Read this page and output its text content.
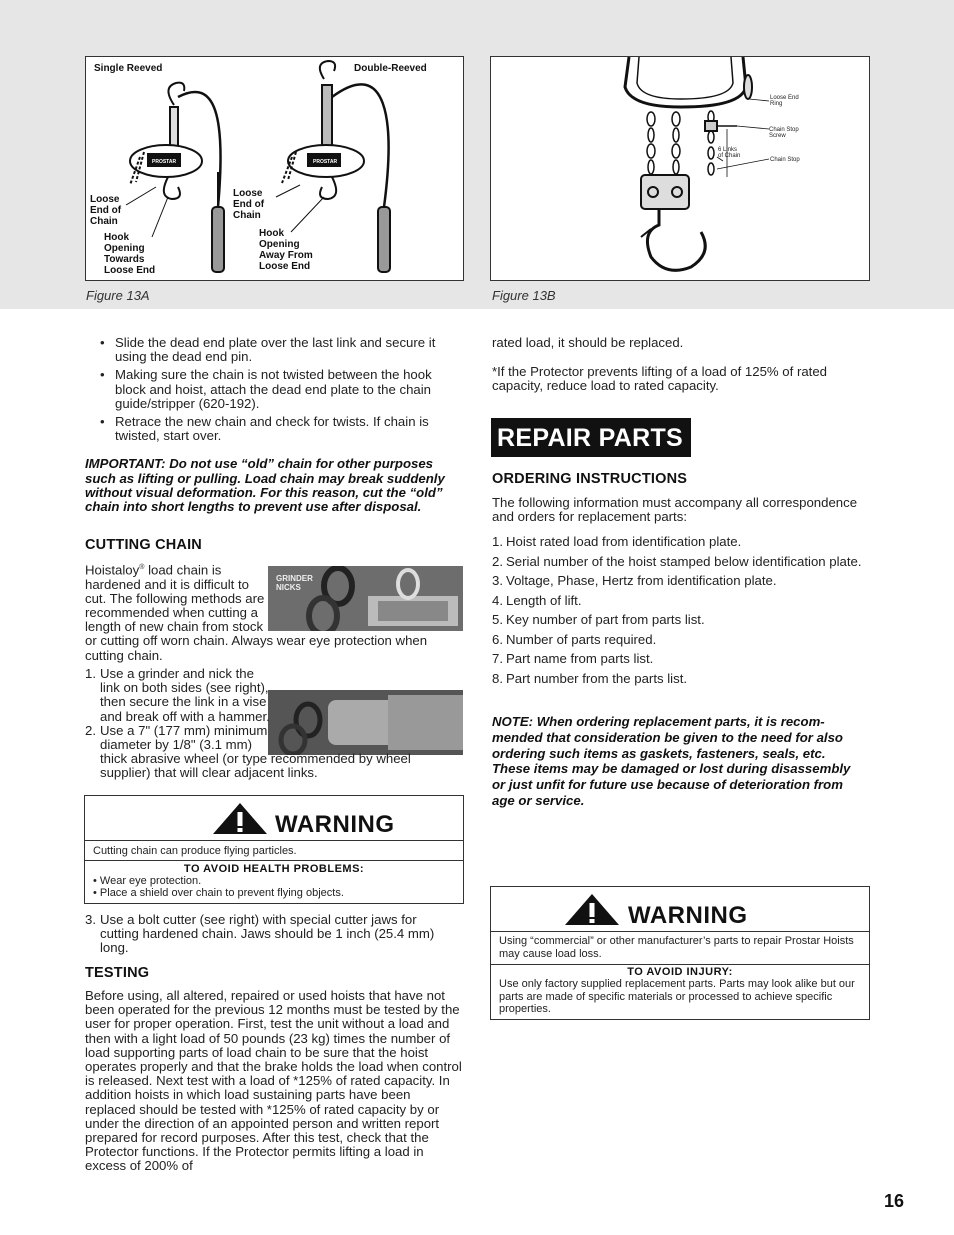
Single Reeved	Double-Reeved
PROSTAR	PROSTAR
Loose
End of
Chain
Hook
Opening
Towards
Loose End
Loose
End of
Chain
Hook
Opening
Away From
Loose End
Figure 13A
Loose End
Ring
Chain Stop
Screw
6 Links
of Chain
Chain Stop
Figure 13B
• Slide the dead end plate over the last link and secure it using the dead end pin.
• Making sure the chain is not twisted between the hook block and hoist, attach the dead end plate to the chain guide/stripper (620-192).
• Retrace the new chain and check for twists. If chain is twisted, start over.

IMPORTANT: Do not use “old” chain for other purposes such as lifting or pulling. Load chain may break suddenly without visual deformation. For this reason, cut the “old” chain into short lengths to prevent use after disposal.

CUTTING CHAIN
GRINDER
NICKS
Hoistaloy® load chain is hardened and it is difficult to cut. The following methods are recommended when cutting a length of new chain from stock or cutting off worn chain. Always wear eye protection when cutting chain.
1. Use a grinder and nick the link on both sides (see right), then secure the link in a vise and break off with a hammer.
2. Use a 7" (177 mm) minimum diameter by 1/8" (3.1 mm) thick abrasive wheel (or type recommended by wheel supplier) that will clear adjacent links.
WARNING
Cutting chain can produce flying particles.
TO AVOID HEALTH PROBLEMS:
• Wear eye protection.
• Place a shield over chain to prevent flying objects.
3. Use a bolt cutter (see right) with special cutter jaws for cutting hardened chain. Jaws should be 1 inch (25.4 mm) long.
TESTING
Before using, all altered, repaired or used hoists that have not been operated for the previous 12 months must be tested by the user for proper operation. First, test the unit without a load and then with a light load of 50 pounds (23 kg) times the number of load supporting parts of load chain to be sure that the hoist operates properly and that the brake holds the load when control is released. Next test with a load of *125% of rated capacity. In addition hoists in which load sustaining parts have been replaced should be tested with *125% of rated capacity by or under the direction of an appointed person and written report prepared for record purposes. After this test, check that the Protector functions. If the Protector permits lifting a load in excess of 200% of
rated load, it should be replaced.
*If the Protector prevents lifting of a load of 125% of rated capacity, reduce load to rated capacity.
REPAIR PARTS
ORDERING INSTRUCTIONS
The following information must accompany all correspondence and orders for replacement parts:
1. Hoist rated load from identification plate.
2. Serial number of the hoist stamped below identification plate.
3. Voltage, Phase, Hertz from identification plate.
4. Length of lift.
5. Key number of part from parts list.
6. Number of parts required.
7. Part name from parts list.
8. Part number from the parts list.

NOTE: When ordering replacement parts, it is recom-mended that consideration be given to the need for also ordering such items as gaskets, fasteners, seals, etc. These items may be damaged or lost during disassembly or just unfit for future use because of deterioration from age or service.

WARNING
Using “commercial” or other manufacturer’s parts to repair Prostar Hoists may cause load loss.
TO AVOID INJURY:
Use only factory supplied replacement parts. Parts may look alike but our parts are made of specific materials or processed to achieve specific properties.
16
